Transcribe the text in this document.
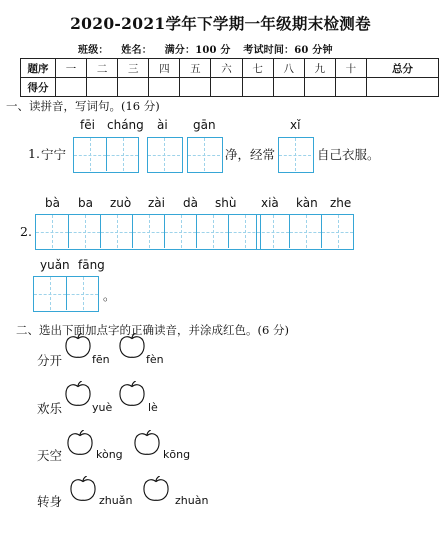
2020-2021学年下学期一年级期末检测卷
班级： 姓名： 满分：100 分 考试时间：60 分钟
题序	一	二	三	四	五	六	七	八	九	十	总分
得分											
一、读拼音，写词句。(16 分)
fēi cháng ài gān	xǐ
1. 宁宁	净，经常	自己衣服。
bà ba zuò zài dà shù xià kàn zhe
2.
yuǎn fāng
。
二、选出下面加点字的正确读音，并涂成红色。(6 分)
分开	fēn	fèn
欢乐	yuè	lè
天空	kòng	kōng
转身	zhuǎn	zhuàn
